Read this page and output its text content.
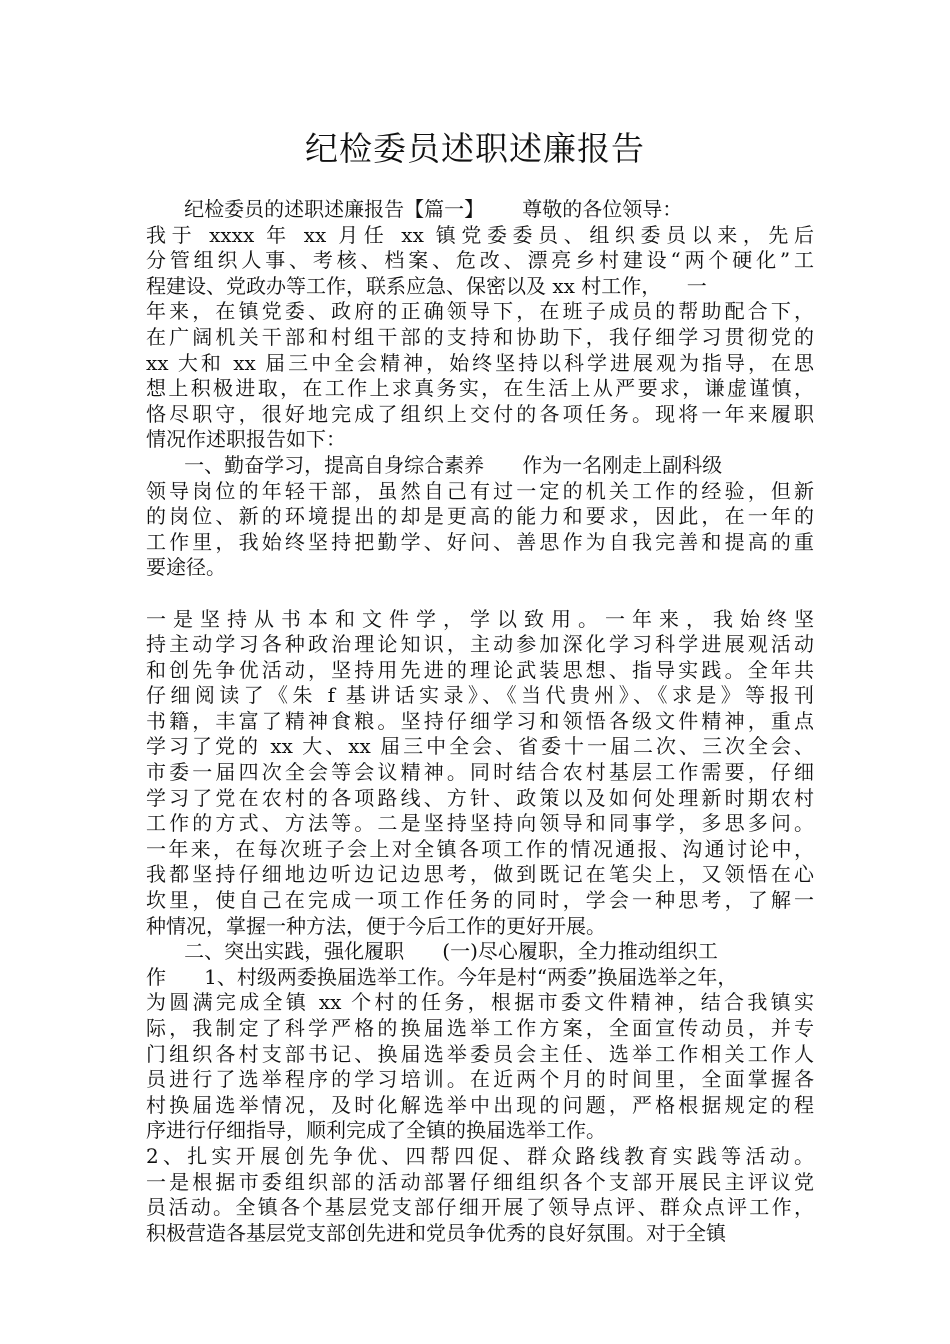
纪检委员述职述廉报告
纪检委员的述职述廉报告【篇一】      尊敬的各位领导：
我于 xxxx 年 xx 月任 xx 镇党委委员、组织委员以来，先后
分管组织人事、考核、档案、危改、漂亮乡村建设“两个硬化”工
程建设、党政办等工作，联系应急、保密以及 xx 村工作，    一
年来，在镇党委、政府的正确领导下，在班子成员的帮助配合下，
在广阔机关干部和村组干部的支持和协助下，我仔细学习贯彻党的
xx 大和 xx 届三中全会精神，始终坚持以科学进展观为指导，在思
想上积极进取，在工作上求真务实，在生活上从严要求，谦虚谨慎，
恪尽职守，很好地完成了组织上交付的各项任务。现将一年来履职
情况作述职报告如下：
一、勤奋学习，提高自身综合素养      作为一名刚走上副科级
领导岗位的年轻干部，虽然自己有过一定的机关工作的经验，但新
的岗位、新的环境提出的却是更高的能力和要求，因此，在一年的
工作里，我始终坚持把勤学、好问、善思作为自我完善和提高的重
要途径。
一是坚持从书本和文件学，学以致用。一年来，我始终坚
持主动学习各种政治理论知识，主动参加深化学习科学进展观活动
和创先争优活动，坚持用先进的理论武装思想、指导实践。全年共
仔细阅读了《朱 f 基讲话实录》、《当代贵州》、《求是》等报刊
书籍，丰富了精神食粮。坚持仔细学习和领悟各级文件精神，重点
学习了党的 xx 大、xx 届三中全会、省委十一届二次、三次全会、
市委一届四次全会等会议精神。同时结合农村基层工作需要，仔细
学习了党在农村的各项路线、方针、政策以及如何处理新时期农村
工作的方式、方法等。二是坚持坚持向领导和同事学，多思多问。
一年来，在每次班子会上对全镇各项工作的情况通报、沟通讨论中，
我都坚持仔细地边听边记边思考，做到既记在笔尖上，又领悟在心
坎里，使自己在完成一项工作任务的同时，学会一种思考，了解一
种情况，掌握一种方法，便于今后工作的更好开展。
二、突出实践，强化履职      (一)尽心履职，全力推动组织工
作      1、村级两委换届选举工作。今年是村“两委”换届选举之年，
为圆满完成全镇 xx 个村的任务，根据市委文件精神，结合我镇实
际，我制定了科学严格的换届选举工作方案，全面宣传动员，并专
门组织各村支部书记、换届选举委员会主任、选举工作相关工作人
员进行了选举程序的学习培训。在近两个月的时间里，全面掌握各
村换届选举情况，及时化解选举中出现的问题，严格根据规定的程
序进行仔细指导，顺利完成了全镇的换届选举工作。
2、扎实开展创先争优、四帮四促、群众路线教育实践等活动。
一是根据市委组织部的活动部署仔细组织各个支部开展民主评议党
员活动。全镇各个基层党支部仔细开展了领导点评、群众点评工作，
积极营造各基层党支部创先进和党员争优秀的良好氛围。对于全镇
